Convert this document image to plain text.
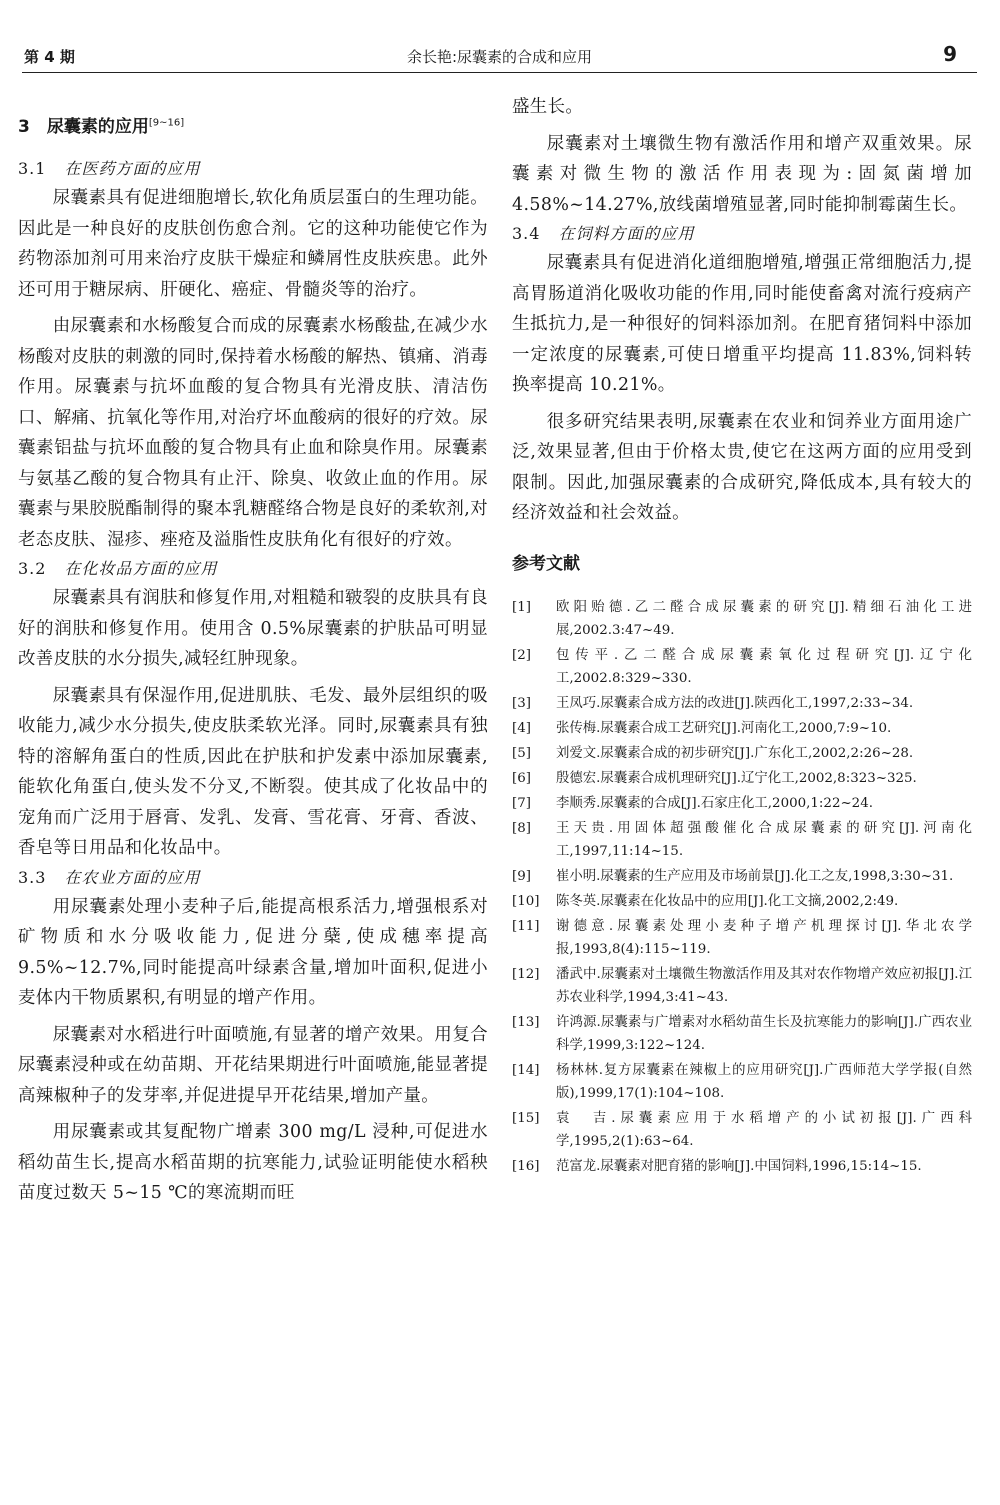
第 4 期	余长艳:尿囊素的合成和应用	9
3　尿囊素的应用[9~16]
3.1 在医药方面的应用

尿囊素具有促进细胞增长,软化角质层蛋白的生理功能。因此是一种良好的皮肤创伤愈合剂。它的这种功能使它作为药物添加剂可用来治疗皮肤干燥症和鳞屑性皮肤疾患。此外还可用于糖尿病、肝硬化、癌症、骨髓炎等的治疗。

由尿囊素和水杨酸复合而成的尿囊素水杨酸盐,在减少水杨酸对皮肤的刺激的同时,保持着水杨酸的解热、镇痛、消毒作用。尿囊素与抗坏血酸的复合物具有光滑皮肤、清洁伤口、解痛、抗氧化等作用,对治疗坏血酸病的很好的疗效。尿囊素铝盐与抗坏血酸的复合物具有止血和除臭作用。尿囊素与氨基乙酸的复合物具有止汗、除臭、收敛止血的作用。尿囊素与果胶脱酯制得的聚本乳糖醛络合物是良好的柔软剂,对老态皮肤、湿疹、痤疮及溢脂性皮肤角化有很好的疗效。

3.2 在化妆品方面的应用

尿囊素具有润肤和修复作用,对粗糙和皲裂的皮肤具有良好的润肤和修复作用。使用含 0.5%尿囊素的护肤品可明显改善皮肤的水分损失,减轻红肿现象。

尿囊素具有保湿作用,促进肌肤、毛发、最外层组织的吸收能力,减少水分损失,使皮肤柔软光泽。同时,尿囊素具有独特的溶解角蛋白的性质,因此在护肤和护发素中添加尿囊素,能软化角蛋白,使头发不分叉,不断裂。使其成了化妆品中的宠角而广泛用于唇膏、发乳、发膏、雪花膏、牙膏、香波、香皂等日用品和化妆品中。

3.3 在农业方面的应用

用尿囊素处理小麦种子后,能提高根系活力,增强根系对矿物质和水分吸收能力,促进分蘖,使成穗率提高 9.5%~12.7%,同时能提高叶绿素含量,增加叶面积,促进小麦体内干物质累积,有明显的增产作用。

尿囊素对水稻进行叶面喷施,有显著的增产效果。用复合尿囊素浸种或在幼苗期、开花结果期进行叶面喷施,能显著提高辣椒种子的发芽率,并促进提早开花结果,增加产量。

用尿囊素或其复配物广增素 300 mg/L 浸种,可促进水稻幼苗生长,提高水稻苗期的抗寒能力,试验证明能使水稻秧苗度过数天 5~15 ℃的寒流期而旺

盛生长。

尿囊素对土壤微生物有激活作用和增产双重效果。尿囊素对微生物的激活作用表现为:固氮菌增加 4.58%~14.27%,放线菌增殖显著,同时能抑制霉菌生长。

3.4 在饲料方面的应用

尿囊素具有促进消化道细胞增殖,增强正常细胞活力,提高胃肠道消化吸收功能的作用,同时能使畜禽对流行疫病产生抵抗力,是一种很好的饲料添加剂。在肥育猪饲料中添加一定浓度的尿囊素,可使日增重平均提高 11.83%,饲料转换率提高 10.21%。

很多研究结果表明,尿囊素在农业和饲养业方面用途广泛,效果显著,但由于价格太贵,使它在这两方面的应用受到限制。因此,加强尿囊素的合成研究,降低成本,具有较大的经济效益和社会效益。

参考文献
[1] 欧阳贻德.乙二醛合成尿囊素的研究[J].精细石油化工进展,2002.3:47~49.
[2] 包传平.乙二醛合成尿囊素氧化过程研究[J].辽宁化工,2002.8:329~330.
[3] 王凤巧.尿囊素合成方法的改进[J].陕西化工,1997,2:33~34.
[4] 张传梅.尿囊素合成工艺研究[J].河南化工,2000,7:9~10.
[5] 刘爱文.尿囊素合成的初步研究[J].广东化工,2002,2:26~28.
[6] 殷德宏.尿囊素合成机理研究[J].辽宁化工,2002,8:323~325.
[7] 李顺秀.尿囊素的合成[J].石家庄化工,2000,1:22~24.
[8] 王天贵.用固体超强酸催化合成尿囊素的研究[J].河南化工,1997,11:14~15.
[9] 崔小明.尿囊素的生产应用及市场前景[J].化工之友,1998,3:30~31.
[10] 陈冬英.尿囊素在化妆品中的应用[J].化工文摘,2002,2:49.
[11] 谢德意.尿囊素处理小麦种子增产机理探讨[J].华北农学报,1993,8(4):115~119.
[12] 潘武中.尿囊素对土壤微生物激活作用及其对农作物增产效应初报[J].江苏农业科学,1994,3:41~43.
[13] 许鸿源.尿囊素与广增素对水稻幼苗生长及抗寒能力的影响[J].广西农业科学,1999,3:122~124.
[14] 杨林林.复方尿囊素在辣椒上的应用研究[J].广西师范大学学报(自然版),1999,17(1):104~108.
[15] 袁　吉.尿囊素应用于水稻增产的小试初报[J].广西科学,1995,2(1):63~64.
[16] 范富龙.尿囊素对肥育猪的影响[J].中国饲料,1996,15:14~15.
